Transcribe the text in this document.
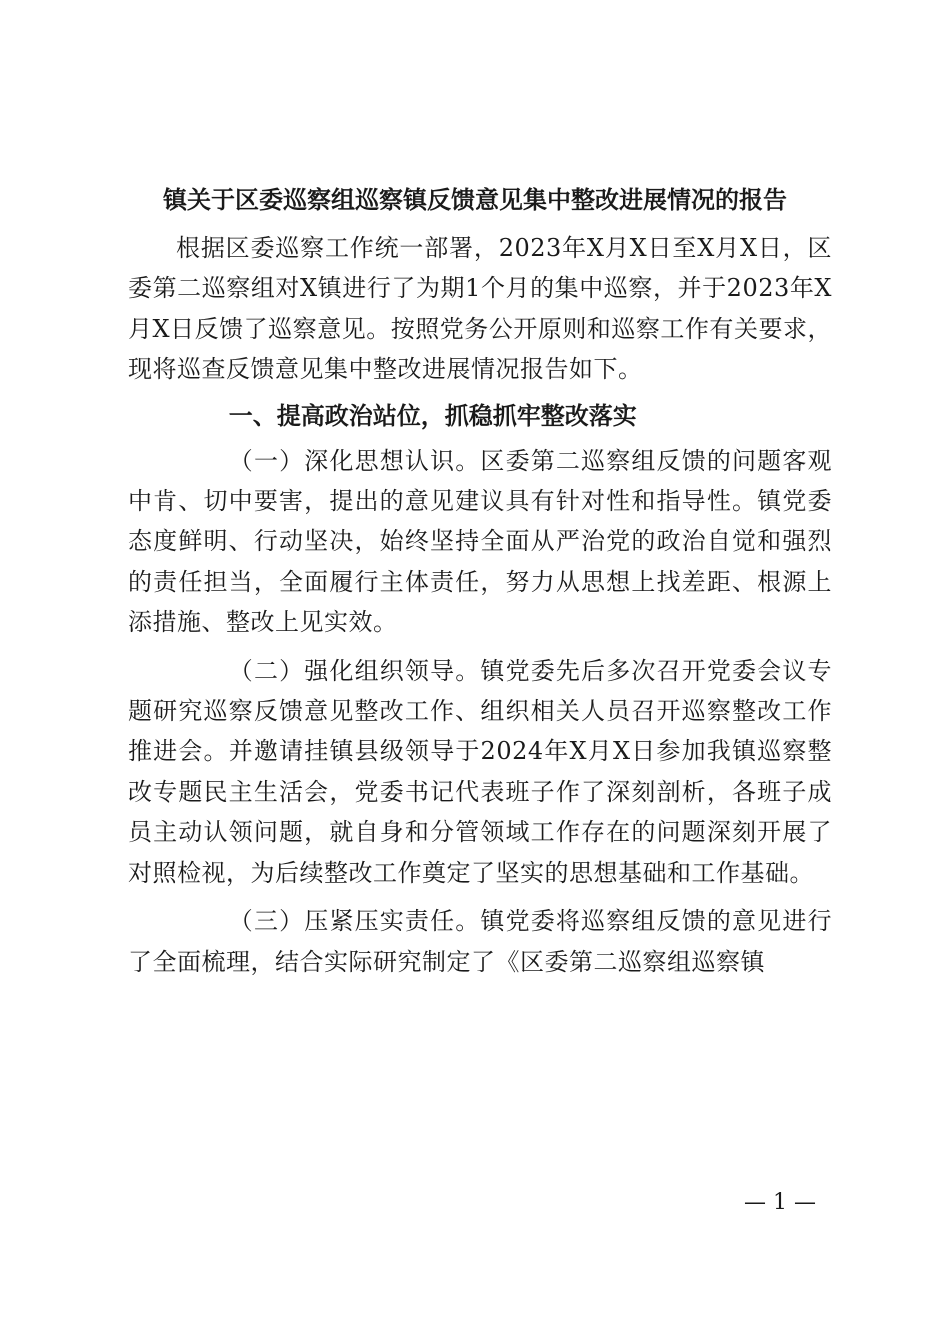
镇关于区委巡察组巡察镇反馈意见集中整改进展情况的报告

根据区委巡察工作统一部署，2023年X月X日至X月X日，区委第二巡察组对X镇进行了为期1个月的集中巡察，并于2023年X月X日反馈了巡察意见。按照党务公开原则和巡察工作有关要求，现将巡查反馈意见集中整改进展情况报告如下。

一、提高政治站位，抓稳抓牢整改落实

（一）深化思想认识。区委第二巡察组反馈的问题客观中肯、切中要害，提出的意见建议具有针对性和指导性。镇党委态度鲜明、行动坚决，始终坚持全面从严治党的政治自觉和强烈的责任担当，全面履行主体责任，努力从思想上找差距、根源上添措施、整改上见实效。

（二）强化组织领导。镇党委先后多次召开党委会议专题研究巡察反馈意见整改工作、组织相关人员召开巡察整改工作推进会。并邀请挂镇县级领导于2024年X月X日参加我镇巡察整改专题民主生活会，党委书记代表班子作了深刻剖析，各班子成员主动认领问题，就自身和分管领域工作存在的问题深刻开展了对照检视，为后续整改工作奠定了坚实的思想基础和工作基础。

（三）压紧压实责任。镇党委将巡察组反馈的意见进行了全面梳理，结合实际研究制定了《区委第二巡察组巡察镇

— 1 —
